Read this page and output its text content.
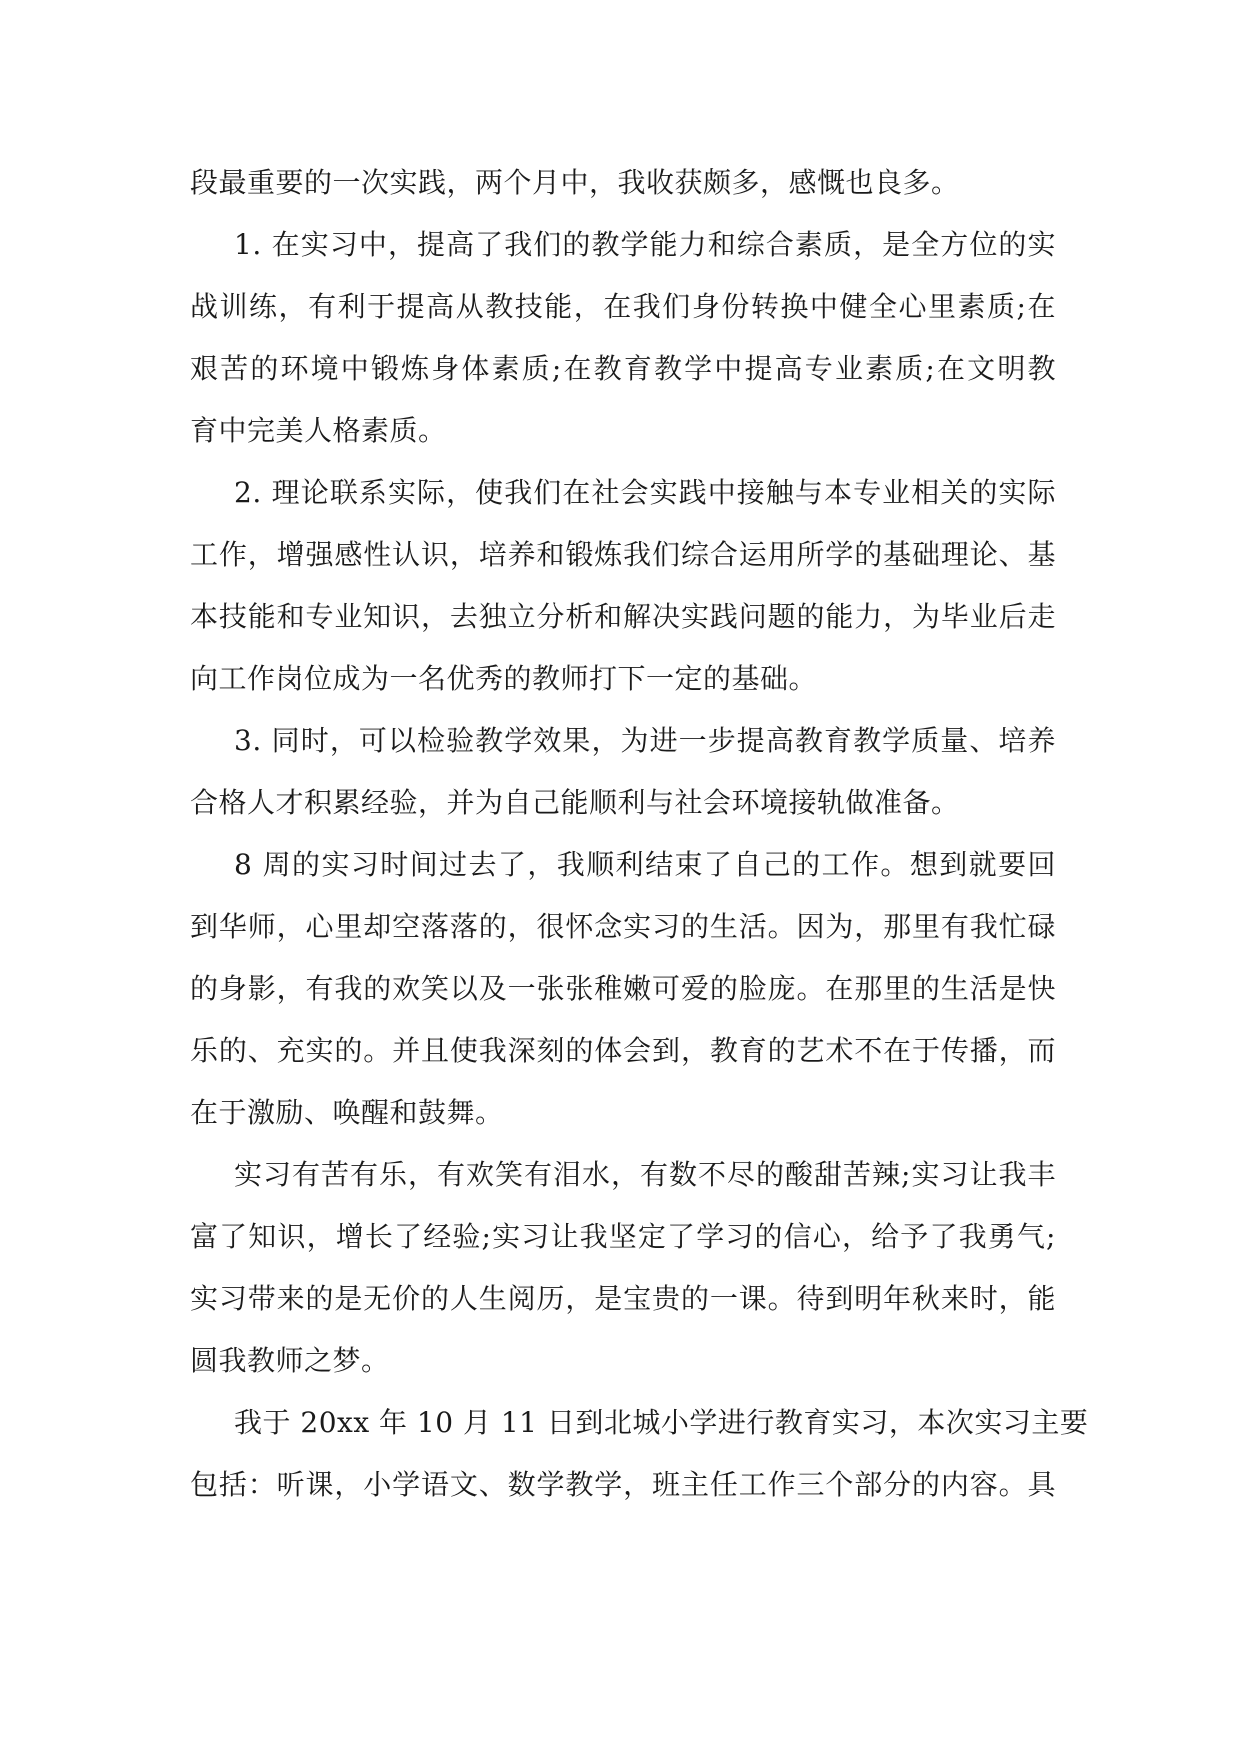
段最重要的一次实践，两个月中，我收获颇多，感慨也良多。
1. 在实习中，提高了我们的教学能力和综合素质，是全方位的实
战训练，有利于提高从教技能，在我们身份转换中健全心里素质;在
艰苦的环境中锻炼身体素质;在教育教学中提高专业素质;在文明教
育中完美人格素质。
2. 理论联系实际，使我们在社会实践中接触与本专业相关的实际
工作，增强感性认识，培养和锻炼我们综合运用所学的基础理论、基
本技能和专业知识，去独立分析和解决实践问题的能力，为毕业后走
向工作岗位成为一名优秀的教师打下一定的基础。
3. 同时，可以检验教学效果，为进一步提高教育教学质量、培养
合格人才积累经验，并为自己能顺利与社会环境接轨做准备。
8 周的实习时间过去了，我顺利结束了自己的工作。想到就要回
到华师，心里却空落落的，很怀念实习的生活。因为，那里有我忙碌
的身影，有我的欢笑以及一张张稚嫩可爱的脸庞。在那里的生活是快
乐的、充实的。并且使我深刻的体会到，教育的艺术不在于传播，而
在于激励、唤醒和鼓舞。
实习有苦有乐，有欢笑有泪水，有数不尽的酸甜苦辣;实习让我丰
富了知识，增长了经验;实习让我坚定了学习的信心，给予了我勇气;
实习带来的是无价的人生阅历，是宝贵的一课。待到明年秋来时，能
圆我教师之梦。
我于 20xx 年 10 月 11 日到北城小学进行教育实习，本次实习主要
包括：听课，小学语文、数学教学，班主任工作三个部分的内容。具
